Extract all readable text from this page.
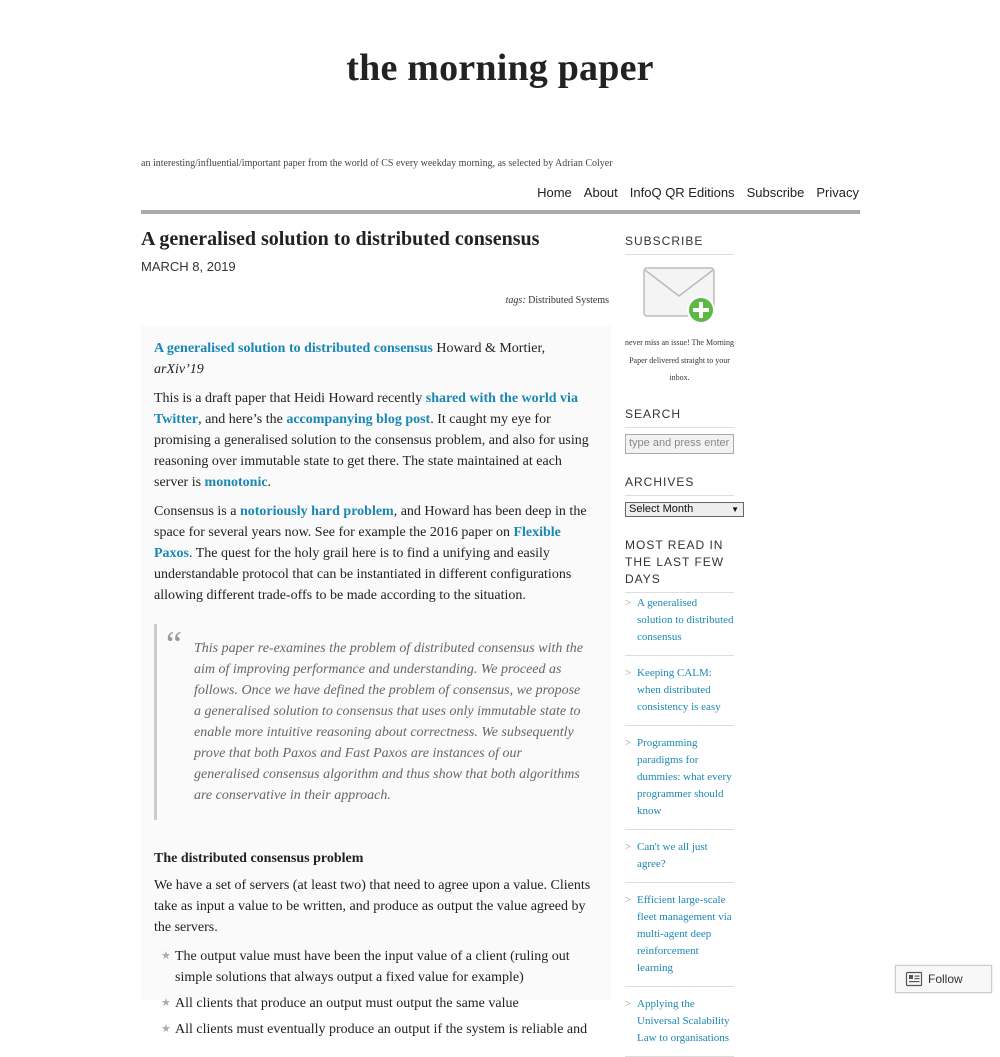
the morning paper
an interesting/influential/important paper from the world of CS every weekday morning, as selected by Adrian Colyer
Home About InfoQ QR Editions Subscribe Privacy
A generalised solution to distributed consensus
MARCH 8, 2019
tags: Distributed Systems

A generalised solution to distributed consensus Howard & Mortier, arXiv’19

This is a draft paper that Heidi Howard recently shared with the world via Twitter, and here’s the accompanying blog post. It caught my eye for promising a generalised solution to the consensus problem, and also for using reasoning over immutable state to get there. The state maintained at each server is monotonic.

Consensus is a notoriously hard problem, and Howard has been deep in the space for several years now. See for example the 2016 paper on Flexible Paxos. The quest for the holy grail here is to find a unifying and easily understandable protocol that can be instantiated in different configurations allowing different trade-offs to be made according to the situation.

“ This paper re-examines the problem of distributed consensus with the aim of improving performance and understanding. We proceed as follows. Once we have defined the problem of consensus, we propose a generalised solution to consensus that uses only immutable state to enable more intuitive reasoning about correctness. We subsequently prove that both Paxos and Fast Paxos are instances of our generalised consensus algorithm and thus show that both algorithms are conservative in their approach.
The distributed consensus problem

We have a set of servers (at least two) that need to agree upon a value. Clients take as input a value to be written, and produce as output the value agreed by the servers.

★ The output value must have been the input value of a client (ruling out simple solutions that always output a fixed value for example)
★ All clients that produce an output must output the same value
★ All clients must eventually produce an output if the system is reliable and
SUBSCRIBE
never miss an issue! The Morning Paper delivered straight to your inbox.
SEARCH
type and press enter
ARCHIVES
Select Month	▼
MOST READ IN THE LAST FEW DAYS
> A generalised solution to distributed consensus
> Keeping CALM: when distributed consistency is easy
> Programming paradigms for dummies: what every programmer should know
> Can't we all just agree?
> Efficient large-scale fleet management via multi-agent deep reinforcement learning
> Applying the Universal Scalability Law to organisations
Follow
